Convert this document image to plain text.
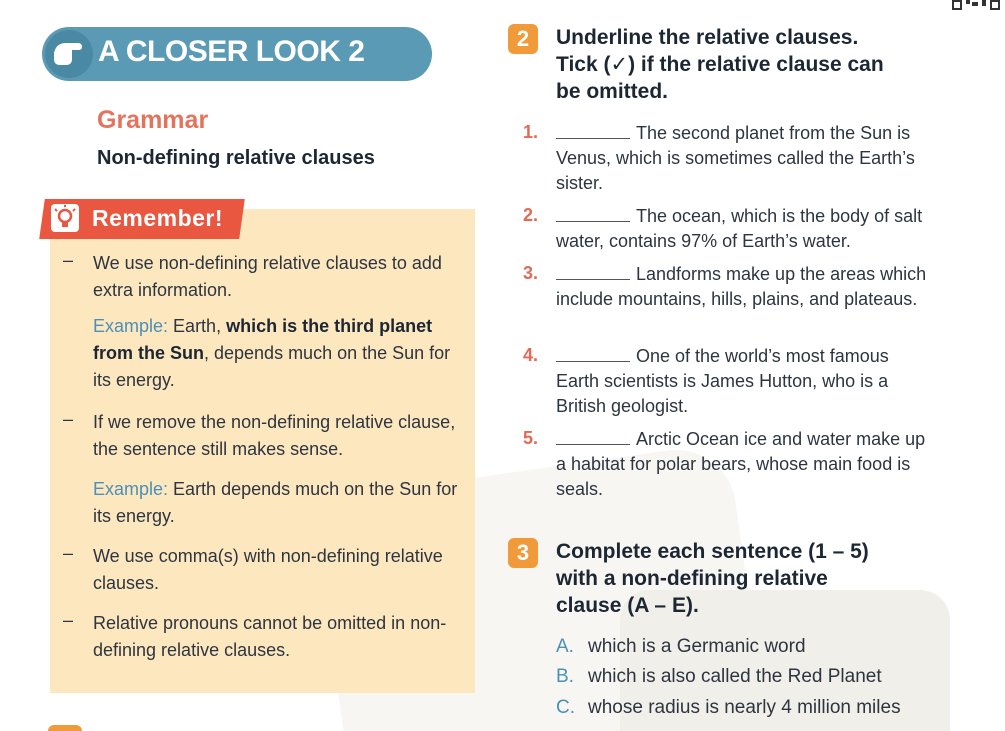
A CLOSER LOOK 2
Grammar
Non-defining relative clauses
Remember!
– We use non-defining relative clauses to add extra information.
Example: Earth, which is the third planet from the Sun, depends much on the Sun for its energy.
– If we remove the non-defining relative clause, the sentence still makes sense.
Example: Earth depends much on the Sun for its energy.
– We use comma(s) with non-defining relative clauses.
– Relative pronouns cannot be omitted in non-defining relative clauses.
2	Underline the relative clauses.
Tick (✓) if the relative clause can
be omitted.
1.	The second planet from the Sun is Venus, which is sometimes called the Earth’s sister.
2.	The ocean, which is the body of salt water, contains 97% of Earth’s water.
3.	Landforms make up the areas which include mountains, hills, plains, and plateaus.
4.	One of the world’s most famous Earth scientists is James Hutton, who is a British geologist.
5.	Arctic Ocean ice and water make up a habitat for polar bears, whose main food is seals.
3	Complete each sentence (1 – 5)
with a non-defining relative
clause (A – E).
A. which is a Germanic word
B. which is also called the Red Planet
C. whose radius is nearly 4 million miles
